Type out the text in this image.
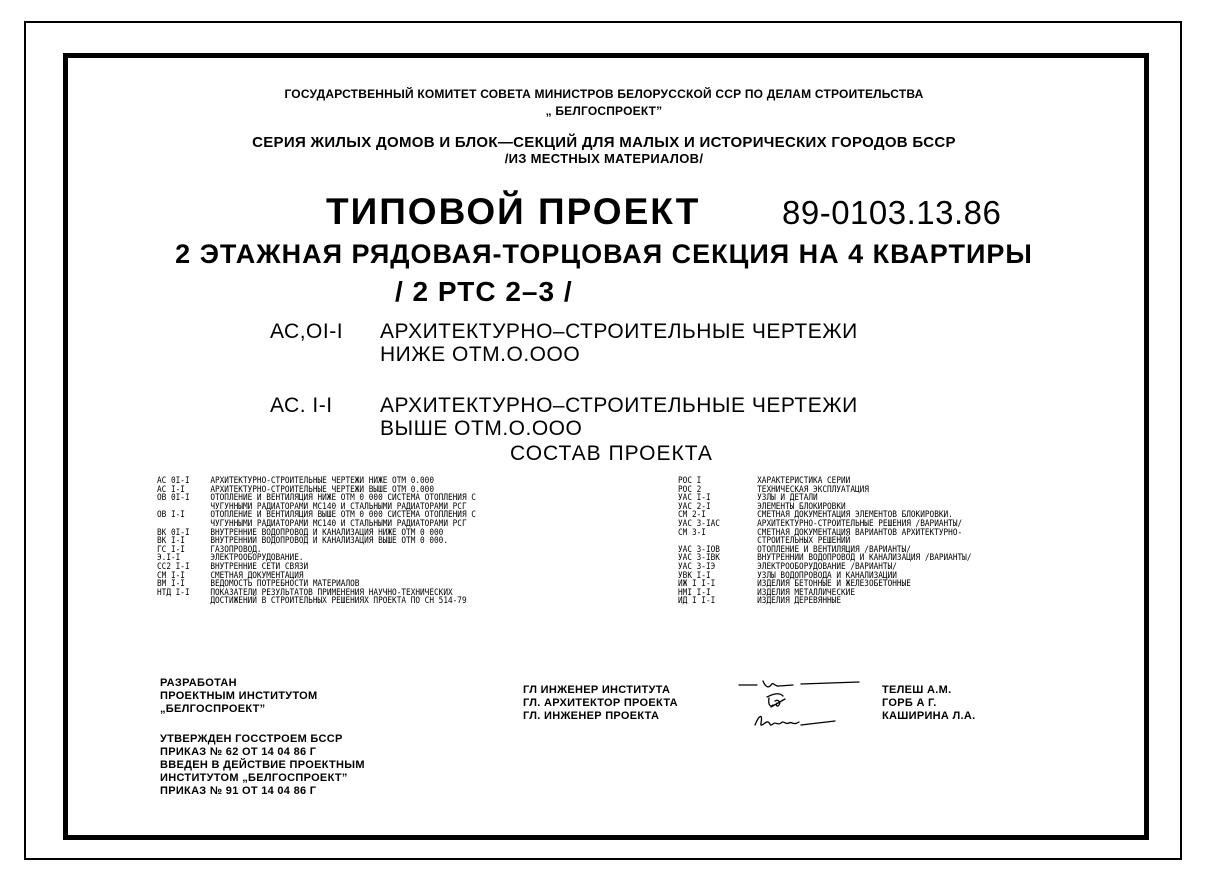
ГОСУДАРСТВЕННЫЙ КОМИТЕТ СОВЕТА МИНИСТРОВ БЕЛОРУССКОЙ ССР ПО ДЕЛАМ СТРОИТЕЛЬСТВА
„ БЕЛГОСПРОЕКТ”
СЕРИЯ ЖИЛЫХ ДОМОВ И БЛОК—СЕКЦИЙ ДЛЯ МАЛЫХ И ИСТОРИЧЕСКИХ ГОРОДОВ БССР
/ИЗ МЕСТНЫХ МАТЕРИАЛОВ/
ТИПОВОЙ ПРОЕКТ 89-0103.13.86
2 ЭТАЖНАЯ РЯДОВАЯ-ТОРЦОВАЯ СЕКЦИЯ НА 4 КВАРТИРЫ
/ 2 РТС 2–3 /
АС,ОI-I АРХИТЕКТУРНО–СТРОИТЕЛЬНЫЕ ЧЕРТЕЖИ
НИЖЕ ОТМ.О.ООО
АС. I-I АРХИТЕКТУРНО–СТРОИТЕЛЬНЫЕ ЧЕРТЕЖИ
ВЫШЕ ОТМ.О.ООО
СОСТАВ ПРОЕКТА
АС 0I-I	АРХИТЕКТУРНО-СТРОИТЕЛЬНЫЕ ЧЕРТЕЖИ НИЖЕ ОТМ 0.000
АС I-I	АРХИТЕКТУРНО-СТРОИТЕЛЬНЫЕ ЧЕРТЕЖИ ВЫШЕ ОТМ 0.000
ОВ 0I-I	ОТОПЛЕНИЕ И ВЕНТИЛЯЦИЯ НИЖЕ ОТМ 0 000 СИСТЕМА ОТОПЛЕНИЯ С
ЧУГУННЫМИ РАДИАТОРАМИ МС140 И СТАЛЬНЫМИ РАДИАТОРАМИ РСГ
ОВ I-I	ОТОПЛЕНИЕ И ВЕНТИЛЯЦИЯ ВЫШЕ ОТМ 0 000 СИСТЕМА ОТОПЛЕНИЯ С
ЧУГУННЫМИ РАДИАТОРАМИ МС140 И СТАЛЬНЫМИ РАДИАТОРАМИ РСГ
ВК 0I-I	ВНУТРЕННИЕ ВОДОПРОВОД И КАНАЛИЗАЦИЯ НИЖЕ ОТМ 0 000
ВК I-I	ВНУТРЕННИИ ВОДОПРОВОД И КАНАЛИЗАЦИЯ ВЫШЕ ОТМ 0 000.
ГС I-I	ГАЗОПРОВОД.
Э.I-I	ЭЛЕКТРООБОРУДОВАНИЕ.
СС2 I-I	ВНУТРЕННИЕ СЕТИ СВЯЗИ
СМ I-I	СМЕТНАЯ ДОКУМЕНТАЦИЯ
ВМ I-I	ВЕДОМОСТЬ ПОТРЕБНОСТИ МАТЕРИАЛОВ
НТД I-I	ПОКАЗАТЕЛИ РЕЗУЛЬТАТОВ ПРИМЕНЕНИЯ НАУЧНО-ТЕХНИЧЕСКИХ
ДОСТИЖЕНИЙ В СТРОИТЕЛЬНЫХ РЕШЕНИЯХ ПРОЕКТА ПО СН 514-79
РОС I	ХАРАКТЕРИСТИКА СЕРИИ
РОС 2	ТЕХНИЧЕСКАЯ ЭКСПЛУАТАЦИЯ
УАС I-I	УЗЛЫ И ДЕТАЛИ
УАС 2-I	ЭЛЕМЕНТЫ БЛОКИРОВКИ
СМ 2-I	СМЕТНАЯ ДОКУМЕНТАЦИЯ ЭЛЕМЕНТОВ БЛОКИРОВКИ.
УАС 3-IАС	АРХИТЕКТУРНО-СТРОИТЕЛЬНЫЕ РЕШЕНИЯ /ВАРИАНТЫ/
СМ 3-I	СМЕТНАЯ ДОКУМЕНТАЦИЯ ВАРИАНТОВ АРХИТЕКТУРНО-
СТРОИТЕЛЬНЫХ РЕШЕНИЙ
УАС 3-IОВ	ОТОПЛЕНИЕ И ВЕНТИЛЯЦИЯ /ВАРИАНТЫ/
УАС 3-IВК	ВНУТРЕННИИ ВОДОПРОВОД И КАНАЛИЗАЦИЯ /ВАРИАНТЫ/
УАС 3-IЭ	ЭЛЕКТРООБОРУДОВАНИЕ /ВАРИАНТЫ/
УВК I-I	УЗЛЫ ВОДОПРОВОДА И КАНАЛИЗАЦИИ
ИЖ I I-I	ИЗДЕЛИЯ БЕТОННЫЕ И ЖЕЛЕЗОБЕТОННЫЕ
НМI I-I	ИЗДЕЛИЯ МЕТАЛЛИЧЕСКИЕ
ИД I I-I	ИЗДЕЛИЯ ДЕРЕВЯННЫЕ
РАЗРАБОТАН
ПРОЕКТНЫМ ИНСТИТУТОМ
„БЕЛГОСПРОЕКТ”
УТВЕРЖДЕН ГОССТРОЕМ БССР
ПРИКАЗ № 62 ОТ 14 04 86 Г
ВВЕДЕН В ДЕЙСТВИЕ ПРОЕКТНЫМ
ИНСТИТУТОМ „БЕЛГОСПРОЕКТ”
ПРИКАЗ № 91 ОТ 14 04 86 Г
ГЛ ИНЖЕНЕР ИНСТИТУТА
ГЛ. АРХИТЕКТОР ПРОЕКТА
ГЛ. ИНЖЕНЕР ПРОЕКТА
ТЕЛЕШ А.М.
ГОРБ А Г.
КАШИРИНА Л.А.
